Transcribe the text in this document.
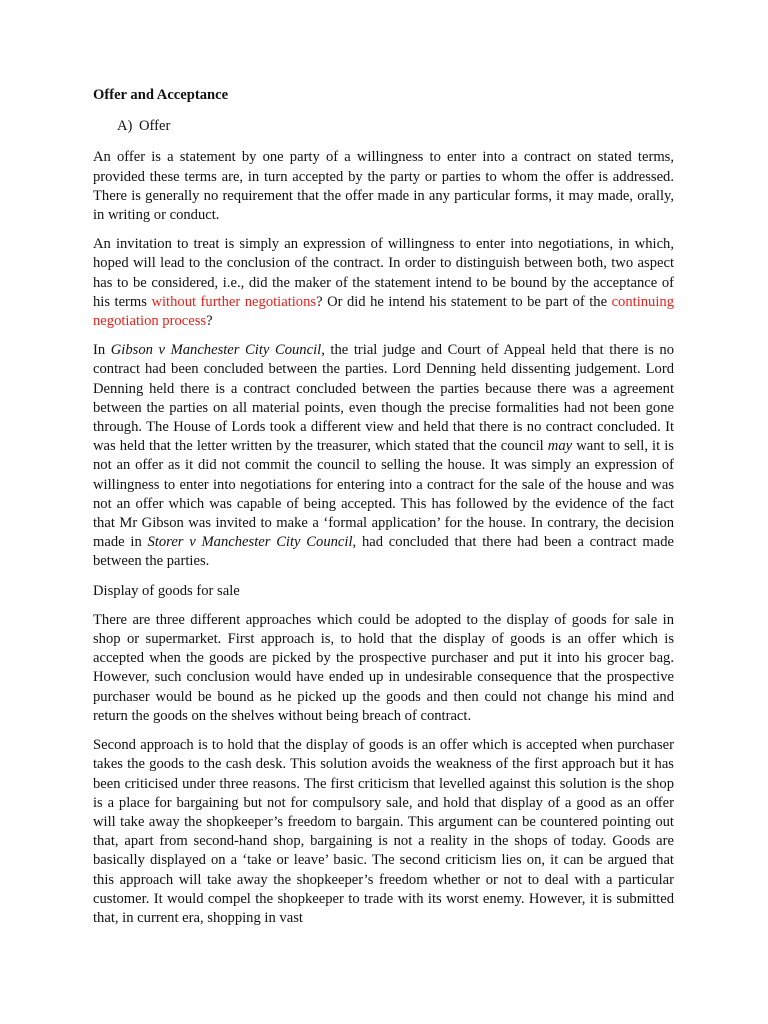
Offer and Acceptance
A) Offer

An offer is a statement by one party of a willingness to enter into a contract on stated terms, provided these terms are, in turn accepted by the party or parties to whom the offer is addressed. There is generally no requirement that the offer made in any particular forms, it may made, orally, in writing or conduct.

An invitation to treat is simply an expression of willingness to enter into negotiations, in which, hoped will lead to the conclusion of the contract. In order to distinguish between both, two aspect has to be considered, i.e., did the maker of the statement intend to be bound by the acceptance of his terms without further negotiations? Or did he intend his statement to be part of the continuing negotiation process?

In Gibson v Manchester City Council, the trial judge and Court of Appeal held that there is no contract had been concluded between the parties. Lord Denning held dissenting judgement. Lord Denning held there is a contract concluded between the parties because there was a agreement between the parties on all material points, even though the precise formalities had not been gone through. The House of Lords took a different view and held that there is no contract concluded. It was held that the letter written by the treasurer, which stated that the council may want to sell, it is not an offer as it did not commit the council to selling the house. It was simply an expression of willingness to enter into negotiations for entering into a contract for the sale of the house and was not an offer which was capable of being accepted. This has followed by the evidence of the fact that Mr Gibson was invited to make a ‘formal application’ for the house. In contrary, the decision made in Storer v Manchester City Council, had concluded that there had been a contract made between the parties.

Display of goods for sale

There are three different approaches which could be adopted to the display of goods for sale in shop or supermarket. First approach is, to hold that the display of goods is an offer which is accepted when the goods are picked by the prospective purchaser and put it into his grocer bag. However, such conclusion would have ended up in undesirable consequence that the prospective purchaser would be bound as he picked up the goods and then could not change his mind and return the goods on the shelves without being breach of contract.

Second approach is to hold that the display of goods is an offer which is accepted when purchaser takes the goods to the cash desk. This solution avoids the weakness of the first approach but it has been criticised under three reasons. The first criticism that levelled against this solution is the shop is a place for bargaining but not for compulsory sale, and hold that display of a good as an offer will take away the shopkeeper’s freedom to bargain. This argument can be countered pointing out that, apart from second-hand shop, bargaining is not a reality in the shops of today. Goods are basically displayed on a ‘take or leave’ basic. The second criticism lies on, it can be argued that this approach will take away the shopkeeper’s freedom whether or not to deal with a particular customer. It would compel the shopkeeper to trade with its worst enemy. However, it is submitted that, in current era, shopping in vast
